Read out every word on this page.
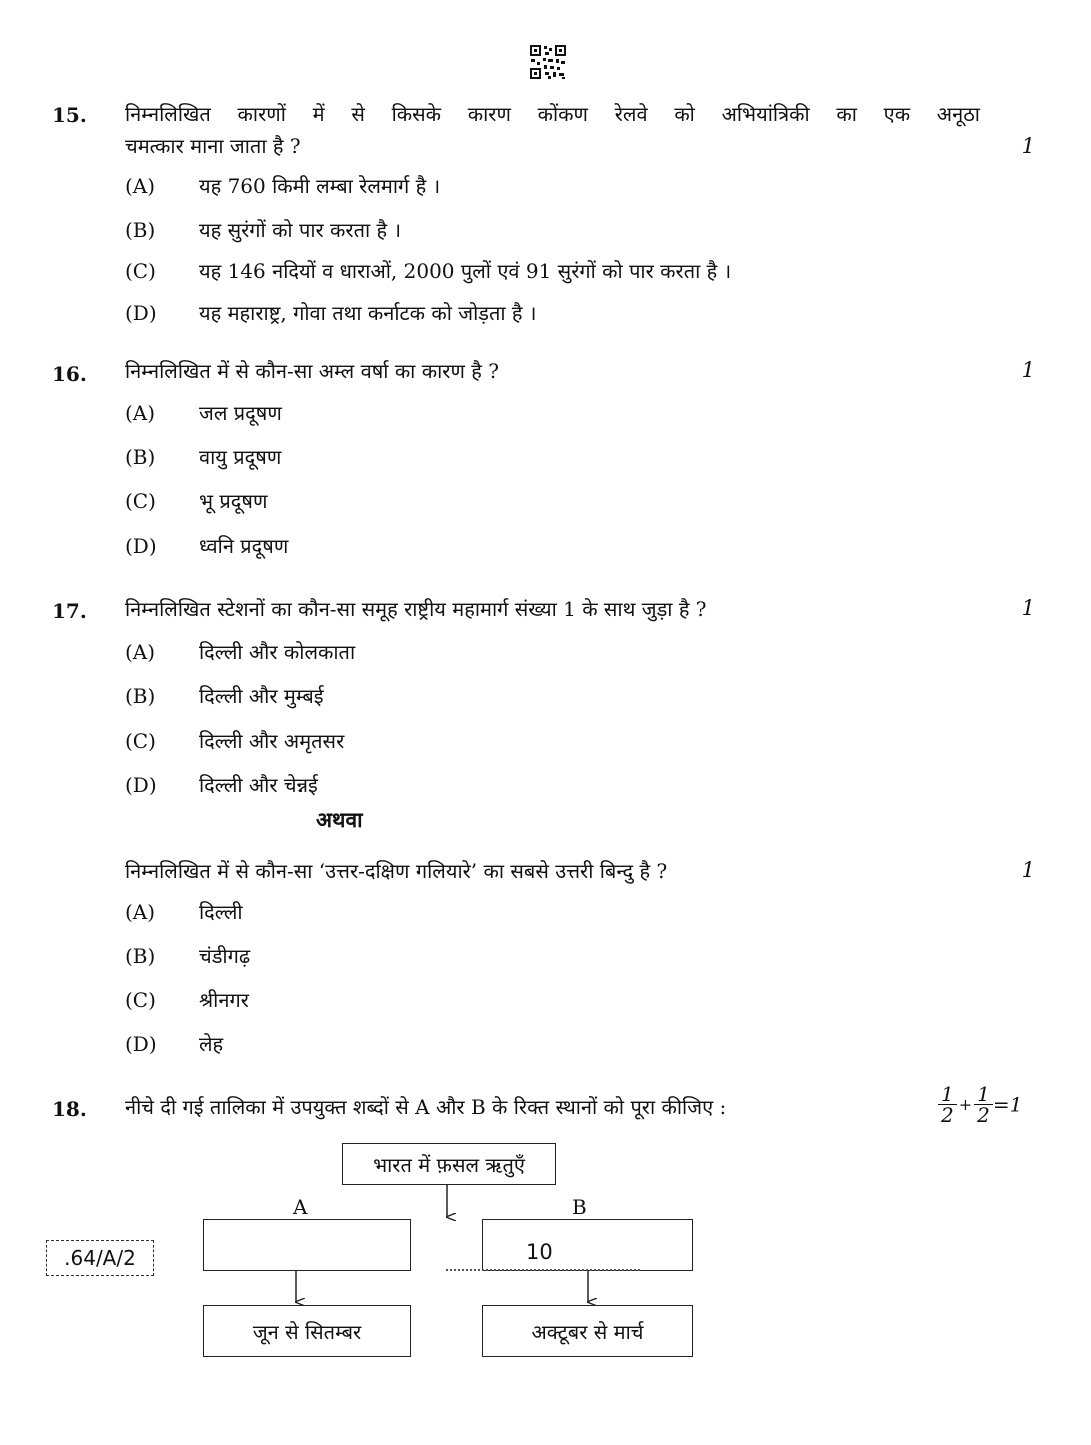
15. निम्नलिखित कारणों में से किसके कारण कोंकण रेलवे को अभियांत्रिकी का एक अनूठा
चमत्कार माना जाता है ?	1
(A) यह 760 किमी लम्बा रेलमार्ग है ।
(B) यह सुरंगों को पार करता है ।
(C) यह 146 नदियों व धाराओं, 2000 पुलों एवं 91 सुरंगों को पार करता है ।
(D) यह महाराष्ट्र, गोवा तथा कर्नाटक को जोड़ता है ।
16. निम्नलिखित में से कौन-सा अम्ल वर्षा का कारण है ?	1
(A) जल प्रदूषण
(B) वायु प्रदूषण
(C) भू प्रदूषण
(D) ध्वनि प्रदूषण
17. निम्नलिखित स्टेशनों का कौन-सा समूह राष्ट्रीय महामार्ग संख्या 1 के साथ जुड़ा है ?	1
(A) दिल्ली और कोलकाता
(B) दिल्ली और मुम्बई
(C) दिल्ली और अमृतसर
(D) दिल्ली और चेन्नई
अथवा
निम्नलिखित में से कौन-सा ‘उत्तर-दक्षिण गलियारे’ का सबसे उत्तरी बिन्दु है ?	1
(A) दिल्ली
(B) चंडीगढ़
(C) श्रीनगर
(D) लेह
18. नीचे दी गई तालिका में उपयुक्त शब्दों से A और B के रिक्त स्थानों को पूरा कीजिए :	$\frac{1}{2} + \frac{1}{2} =1$
भारत में फ़सल ऋतुएँ
A	B
जून से सितम्बर	अक्टूबर से मार्च
.64/A/2	10
